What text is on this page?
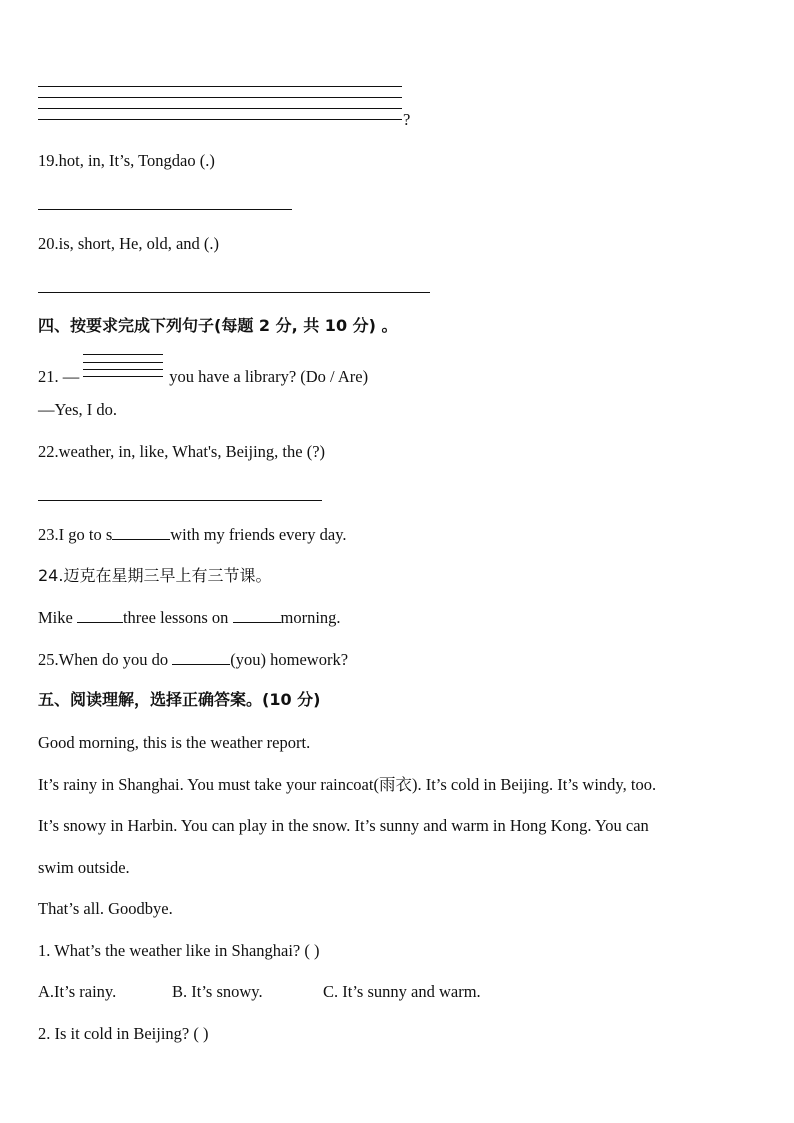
?
19.hot, in, It’s, Tongdao (.)
20.is, short, He, old, and (.)
四、按要求完成下列句子(每题 2 分, 共 10 分) 。
21. —	you have a library? (Do / Are)
—Yes, I do.
22.weather, in, like, What's, Beijing, the (?)
23.I go to s	with my friends every day.
24.迈克在星期三早上有三节课。
Mike	three lessons on	morning.
25.When do you do	(you) homework?
五、阅读理解，选择正确答案。(10 分)
Good morning, this is the weather report.
It’s rainy in Shanghai. You must take your raincoat(雨衣). It’s cold in Beijing. It’s windy, too.
It’s snowy in Harbin. You can play in the snow. It’s sunny and warm in Hong Kong. You can
swim outside.
That’s all. Goodbye.
1. What’s the weather like in Shanghai? ( )
A.It’s rainy.	B. It’s snowy.	C. It’s sunny and warm.
2. Is it cold in Beijing? ( )
